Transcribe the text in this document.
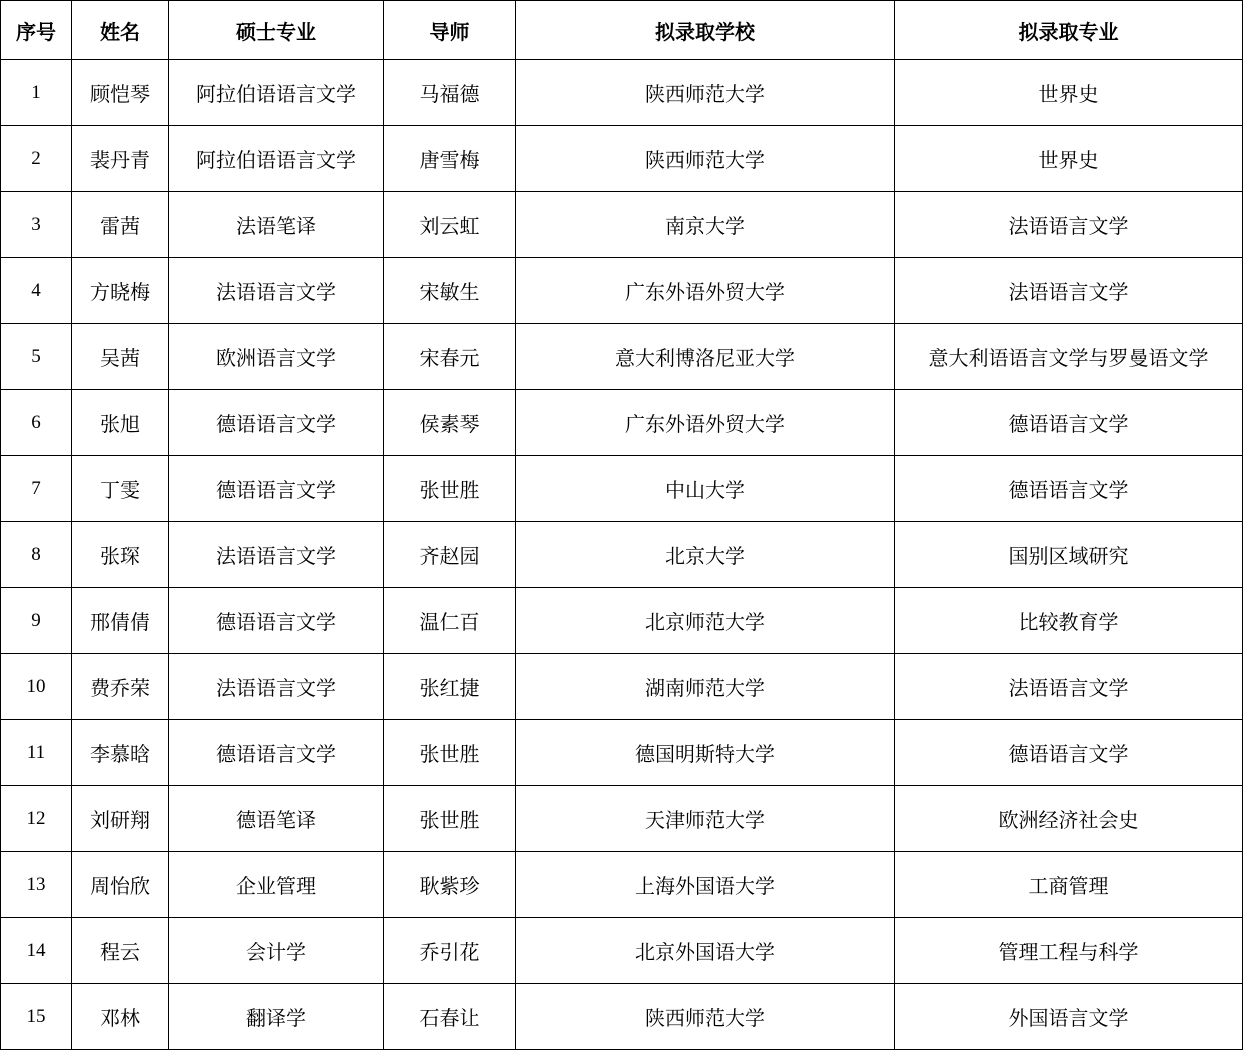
序号	姓名	硕士专业	导师	拟录取学校	拟录取专业
1	顾恺琴	阿拉伯语语言文学	马福德	陕西师范大学	世界史
2	裴丹青	阿拉伯语语言文学	唐雪梅	陕西师范大学	世界史
3	雷茜	法语笔译	刘云虹	南京大学	法语语言文学
4	方晓梅	法语语言文学	宋敏生	广东外语外贸大学	法语语言文学
5	吴茜	欧洲语言文学	宋春元	意大利博洛尼亚大学	意大利语语言文学与罗曼语文学
6	张旭	德语语言文学	侯素琴	广东外语外贸大学	德语语言文学
7	丁雯	德语语言文学	张世胜	中山大学	德语语言文学
8	张琛	法语语言文学	齐赵园	北京大学	国别区域研究
9	邢倩倩	德语语言文学	温仁百	北京师范大学	比较教育学
10	费乔荣	法语语言文学	张红捷	湖南师范大学	法语语言文学
11	李慕晗	德语语言文学	张世胜	德国明斯特大学	德语语言文学
12	刘研翔	德语笔译	张世胜	天津师范大学	欧洲经济社会史
13	周怡欣	企业管理	耿紫珍	上海外国语大学	工商管理
14	程云	会计学	乔引花	北京外国语大学	管理工程与科学
15	邓林	翻译学	石春让	陕西师范大学	外国语言文学
